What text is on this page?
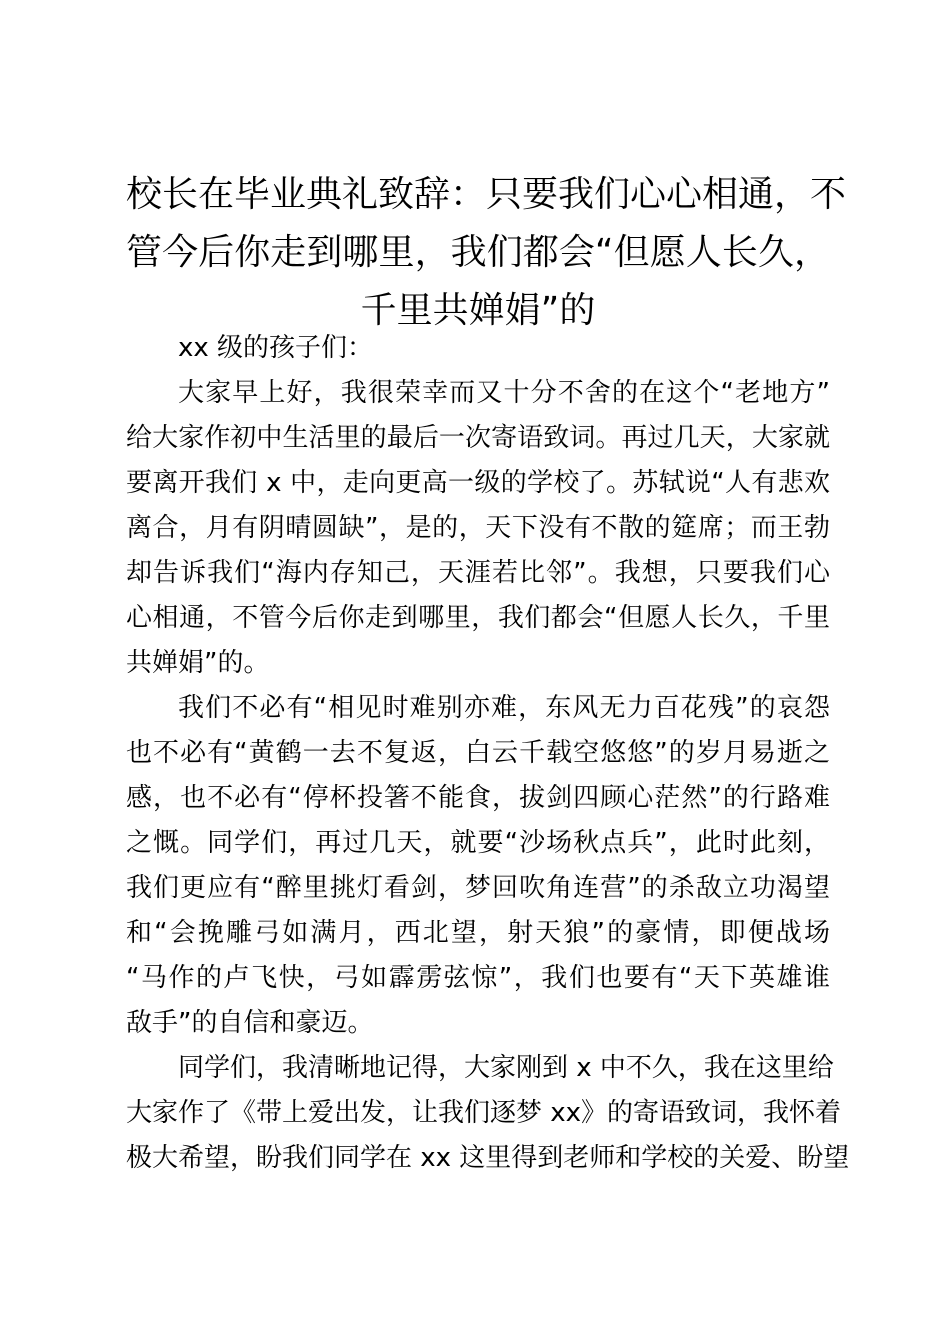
校长在毕业典礼致辞：只要我们心心相通，不
管今后你走到哪里，我们都会“但愿人长久，
千里共婵娟”的
xx 级的孩子们：
大家早上好，我很荣幸而又十分不舍的在这个“老地方”
给大家作初中生活里的最后一次寄语致词。再过几天，大家就
要离开我们 x 中，走向更高一级的学校了。苏轼说“人有悲欢
离合，月有阴晴圆缺”，是的，天下没有不散的筵席；而王勃
却告诉我们“海内存知己，天涯若比邻”。我想，只要我们心
心相通，不管今后你走到哪里，我们都会“但愿人长久，千里
共婵娟”的。
我们不必有“相见时难别亦难，东风无力百花残”的哀怨
也不必有“黄鹤一去不复返，白云千载空悠悠”的岁月易逝之
感，也不必有“停杯投箸不能食，拔剑四顾心茫然”的行路难
之慨。同学们，再过几天，就要“沙场秋点兵”，此时此刻，
我们更应有“醉里挑灯看剑，梦回吹角连营”的杀敌立功渴望
和“会挽雕弓如满月，西北望，射天狼”的豪情，即便战场
“马作的卢飞快，弓如霹雳弦惊”，我们也要有“天下英雄谁
敌手”的自信和豪迈。
同学们，我清晰地记得，大家刚到 x 中不久，我在这里给
大家作了《带上爱出发，让我们逐梦 xx》的寄语致词，我怀着
极大希望，盼我们同学在 xx 这里得到老师和学校的关爱、盼望
